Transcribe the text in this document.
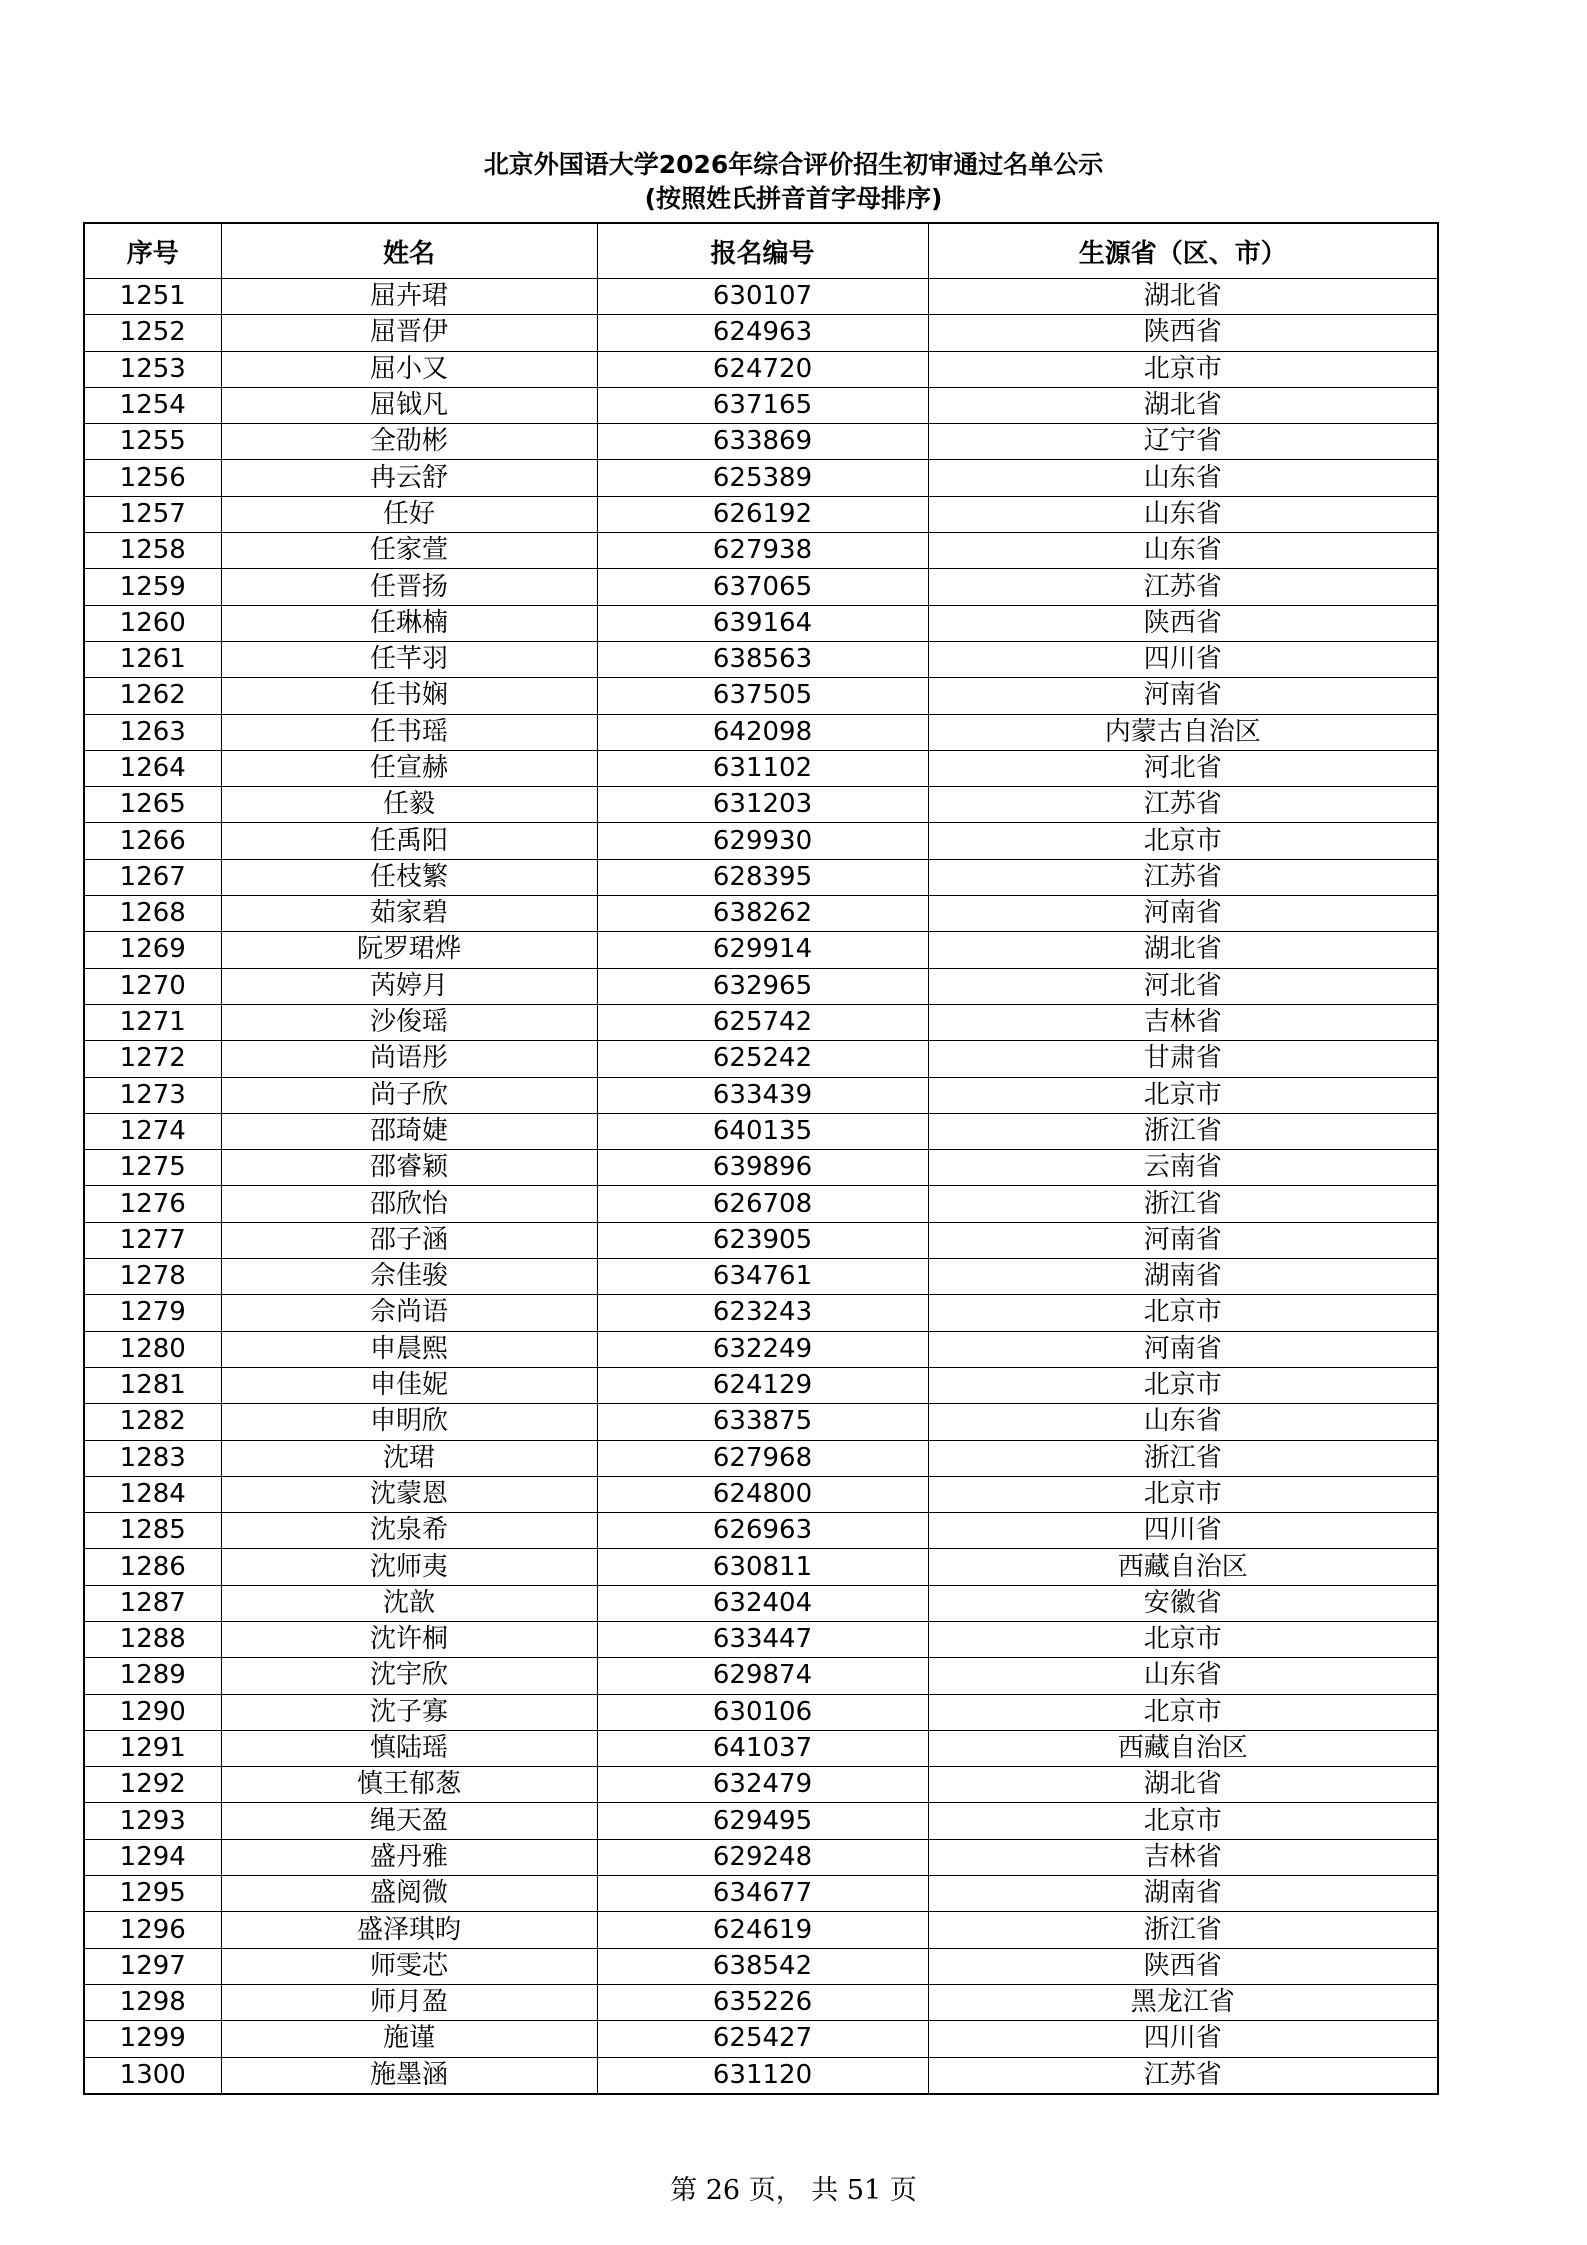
北京外国语大学2026年综合评价招生初审通过名单公示
(按照姓氏拼音首字母排序)
序号	姓名	报名编号	生源省（区、市）
1251	屈卉珺	630107	湖北省
1252	屈晋伊	624963	陕西省
1253	屈小又	624720	北京市
1254	屈钺凡	637165	湖北省
1255	全劭彬	633869	辽宁省
1256	冉云舒	625389	山东省
1257	任好	626192	山东省
1258	任家萱	627938	山东省
1259	任晋扬	637065	江苏省
1260	任琳楠	639164	陕西省
1261	任芊羽	638563	四川省
1262	任书娴	637505	河南省
1263	任书瑶	642098	内蒙古自治区
1264	任宣赫	631102	河北省
1265	任毅	631203	江苏省
1266	任禹阳	629930	北京市
1267	任枝繁	628395	江苏省
1268	茹家碧	638262	河南省
1269	阮罗珺烨	629914	湖北省
1270	芮婷月	632965	河北省
1271	沙俊瑶	625742	吉林省
1272	尚语彤	625242	甘肃省
1273	尚子欣	633439	北京市
1274	邵琦婕	640135	浙江省
1275	邵睿颖	639896	云南省
1276	邵欣怡	626708	浙江省
1277	邵子涵	623905	河南省
1278	佘佳骏	634761	湖南省
1279	佘尚语	623243	北京市
1280	申晨熙	632249	河南省
1281	申佳妮	624129	北京市
1282	申明欣	633875	山东省
1283	沈珺	627968	浙江省
1284	沈蒙恩	624800	北京市
1285	沈泉希	626963	四川省
1286	沈师夷	630811	西藏自治区
1287	沈歆	632404	安徽省
1288	沈许桐	633447	北京市
1289	沈宇欣	629874	山东省
1290	沈子寡	630106	北京市
1291	慎陆瑶	641037	西藏自治区
1292	慎王郁葱	632479	湖北省
1293	绳天盈	629495	北京市
1294	盛丹雅	629248	吉林省
1295	盛阅微	634677	湖南省
1296	盛泽琪昀	624619	浙江省
1297	师雯芯	638542	陕西省
1298	师月盈	635226	黑龙江省
1299	施谨	625427	四川省
1300	施墨涵	631120	江苏省
第 26 页， 共 51 页
